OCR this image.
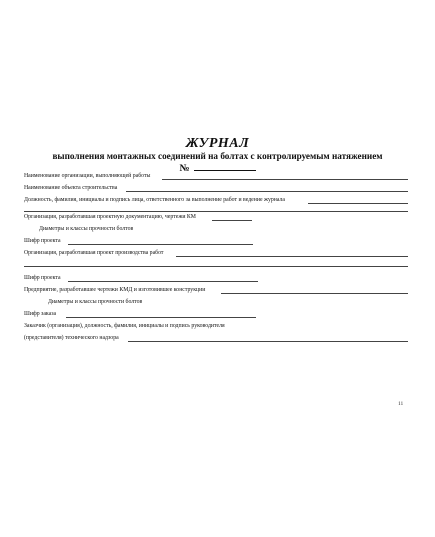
ЖУРНАЛ
выполнения монтажных соединений на болтах с контролируемым натяжением
№
Наименование организации, выполняющей работы
Наименование объекта строительства
Должность, фамилия, инициалы и подпись лица, ответственного за выполнение работ и ведение журнала
Организация, разработавшая проектную документацию, чертежи КМ
Диаметры и классы прочности болтов
Шифр проекта
Организация, разработавшая проект производства работ
Шифр проекта
Предприятие, разработавшее чертежи КМД и изготовившее конструкции
Диаметры и классы прочности болтов
Шифр заказа
Заказчик (организация), должность, фамилия, инициалы и подпись руководителя
(представителя) технического надзора
11
